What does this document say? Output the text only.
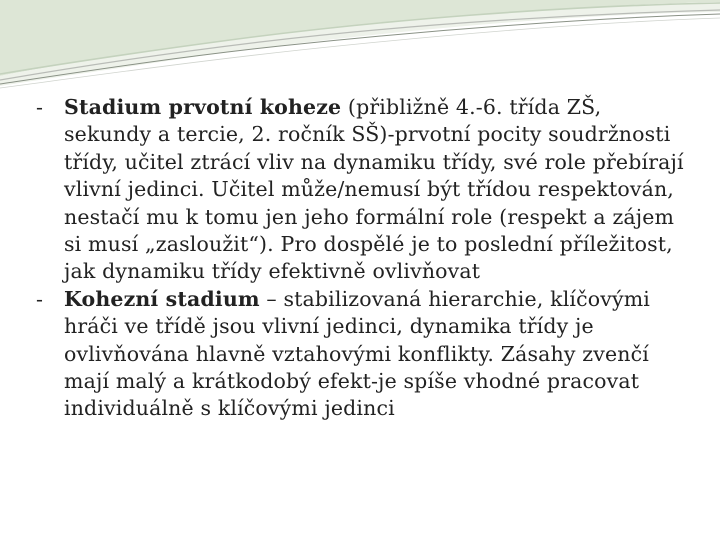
-	Stadium prvotní koheze (přibližně 4.-6. třída ZŠ, sekundy a tercie, 2. ročník SŠ)-prvotní pocity soudržnosti třídy, učitel ztrácí vliv na dynamiku třídy, své role přebírají vlivní jedinci. Učitel může/nemusí být třídou respektován, nestačí mu k tomu jen jeho formální role (respekt a zájem si musí „zasloužit“). Pro dospělé je to poslední příležitost, jak dynamiku třídy efektivně ovlivňovat
-	Kohezní stadium – stabilizovaná hierarchie, klíčovými hráči ve třídě jsou vlivní jedinci, dynamika třídy je ovlivňována hlavně vztahovými konflikty. Zásahy zvenčí mají malý a krátkodobý efekt-je spíše vhodné pracovat individuálně s klíčovými jedinci
